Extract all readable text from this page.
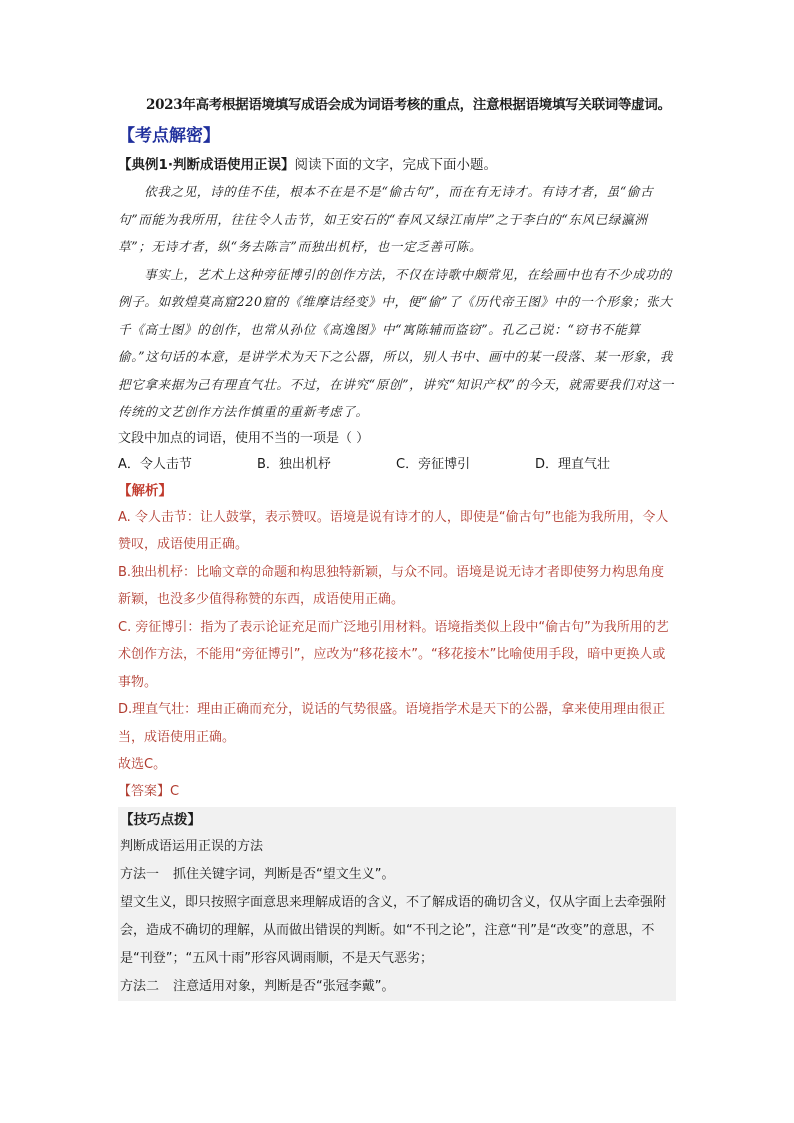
2023年高考根据语境填写成语会成为词语考核的重点，注意根据语境填写关联词等虚词。

【考点解密】

【典例1·判断成语使用正误】阅读下面的文字，完成下面小题。

依我之见，诗的佳不佳，根本不在是不是“偷古句”，而在有无诗才。有诗才者，虽“偷古句”而能为我所用，往往令人击节，如王安石的“春风又绿江南岸”之于李白的“东风已绿瀛洲草”；无诗才者，纵“务去陈言”而独出机杼，也一定乏善可陈。

事实上，艺术上这种旁征博引的创作方法，不仅在诗歌中颇常见，在绘画中也有不少成功的例子。如敦煌莫高窟220窟的《维摩诘经变》中，便“偷”了《历代帝王图》中的一个形象；张大千《高士图》的创作，也常从孙位《高逸图》中“寓陈辅而盗窃”。孔乙己说：“窃书不能算偷。”这句话的本意，是讲学术为天下之公器，所以，别人书中、画中的某一段落、某一形象，我把它拿来据为己有理直气壮。不过，在讲究“原创”，讲究“知识产权”的今天，就需要我们对这一传统的文艺创作方法作慎重的重新考虑了。

文段中加点的词语，使用不当的一项是（ ）

A．令人击节	B．独出机杼	C．旁征博引	D．理直气壮

【解析】

A. 令人击节：让人鼓掌，表示赞叹。语境是说有诗才的人，即使是“偷古句”也能为我所用，令人赞叹，成语使用正确。

B.独出机杼：比喻文章的命题和构思独特新颖，与众不同。语境是说无诗才者即使努力构思角度新颖，也没多少值得称赞的东西，成语使用正确。

C. 旁征博引：指为了表示论证充足而广泛地引用材料。语境指类似上段中“偷古句”为我所用的艺术创作方法，不能用“旁征博引”，应改为“移花接木”。“移花接木”比喻使用手段，暗中更换人或事物。

D.理直气壮：理由正确而充分，说话的气势很盛。语境指学术是天下的公器，拿来使用理由很正当，成语使用正确。

故选C。

【答案】C

【技巧点拨】

判断成语运用正误的方法

方法一 抓住关键字词，判断是否“望文生义”。

望文生义，即只按照字面意思来理解成语的含义，不了解成语的确切含义，仅从字面上去牵强附会，造成不确切的理解，从而做出错误的判断。如“不刊之论”，注意“刊”是“改变”的意思，不是“刊登”；“五风十雨”形容风调雨顺，不是天气恶劣；

方法二 注意适用对象，判断是否“张冠李戴”。
